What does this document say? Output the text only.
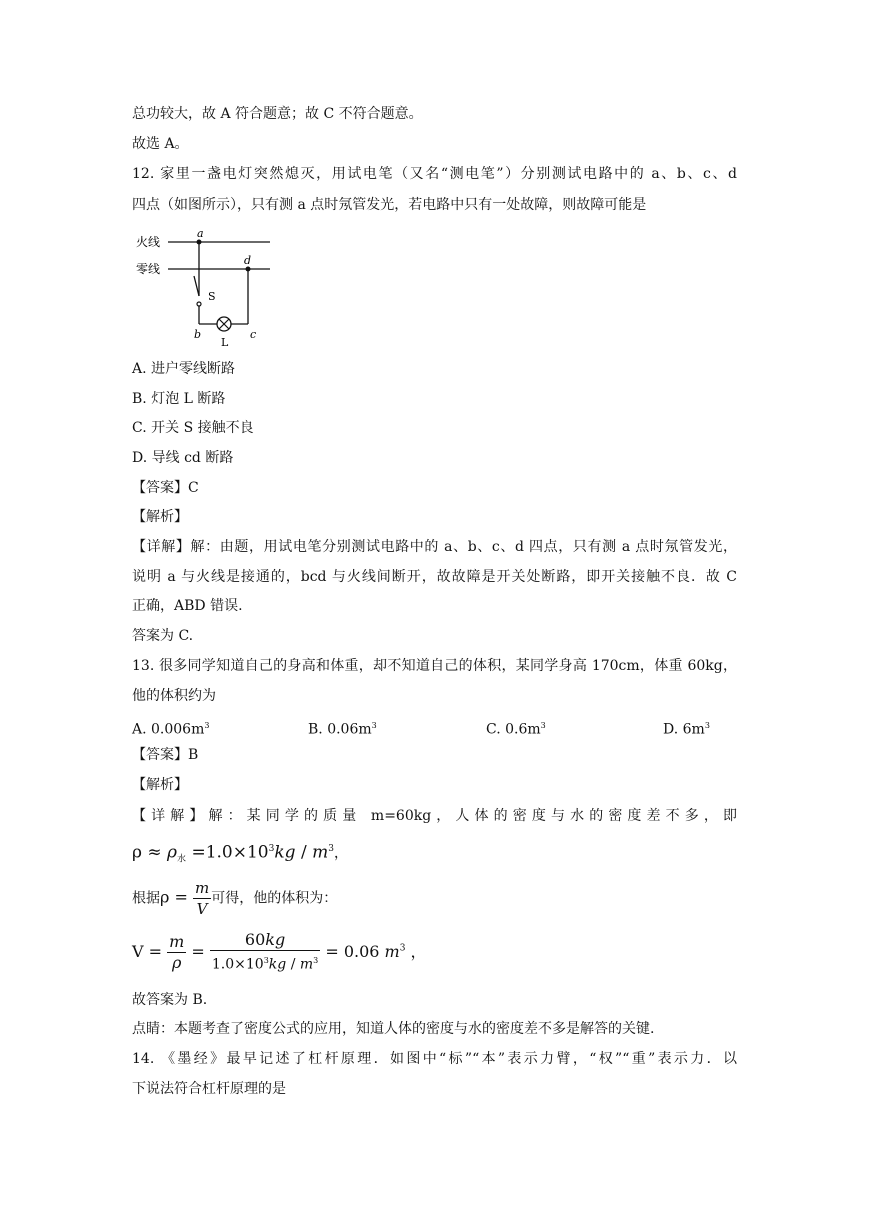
总功较大，故 A 符合题意；故 C 不符合题意。
故选 A。
12. 家里一盏电灯突然熄灭，用试电笔（又名“测电笔”）分别测试电路中的 a、b、c、d
四点（如图所示），只有测 a 点时氖管发光，若电路中只有一处故障，则故障可能是
火线
零线
a
S
d
b	c
L
A. 进户零线断路
B. 灯泡 L 断路
C. 开关 S 接触不良
D. 导线 cd 断路
【答案】C
【解析】
【详解】解：由题，用试电笔分别测试电路中的 a、b、c、d 四点，只有测 a 点时氖管发光，
说明 a 与火线是接通的，bcd 与火线间断开，故故障是开关处断路，即开关接触不良．故 C
正确，ABD 错误.
答案为 C.
13. 很多同学知道自己的身高和体重，却不知道自己的体积，某同学身高 170cm，体重 60kg，
他的体积约为
A. $0.006m^3$	B. $0.06m^3$	C. $0.6m^3$	D. $6m^3$
【答案】B
【解析】
【详解】解：某同学的质量 m=60kg，人体的密度与水的密度差不多，即
$\rho \approx \rho_水 =1.0\times 10^3kg / m^3$，
根据$\rho = \frac{m}{V}$ 可得，他的体积为：
$V = \frac{m}{\rho} = \frac{60kg}{1.0\times 10^3kg / m^3} = 0.06$ $m^3$ ，
故答案为 B.
点睛：本题考查了密度公式的应用，知道人体的密度与水的密度差不多是解答的关键.
14. 《墨经》最早记述了杠杆原理．如图中“标”“本”表示力臂，“权”“重”表示力．以
下说法符合杠杆原理的是
